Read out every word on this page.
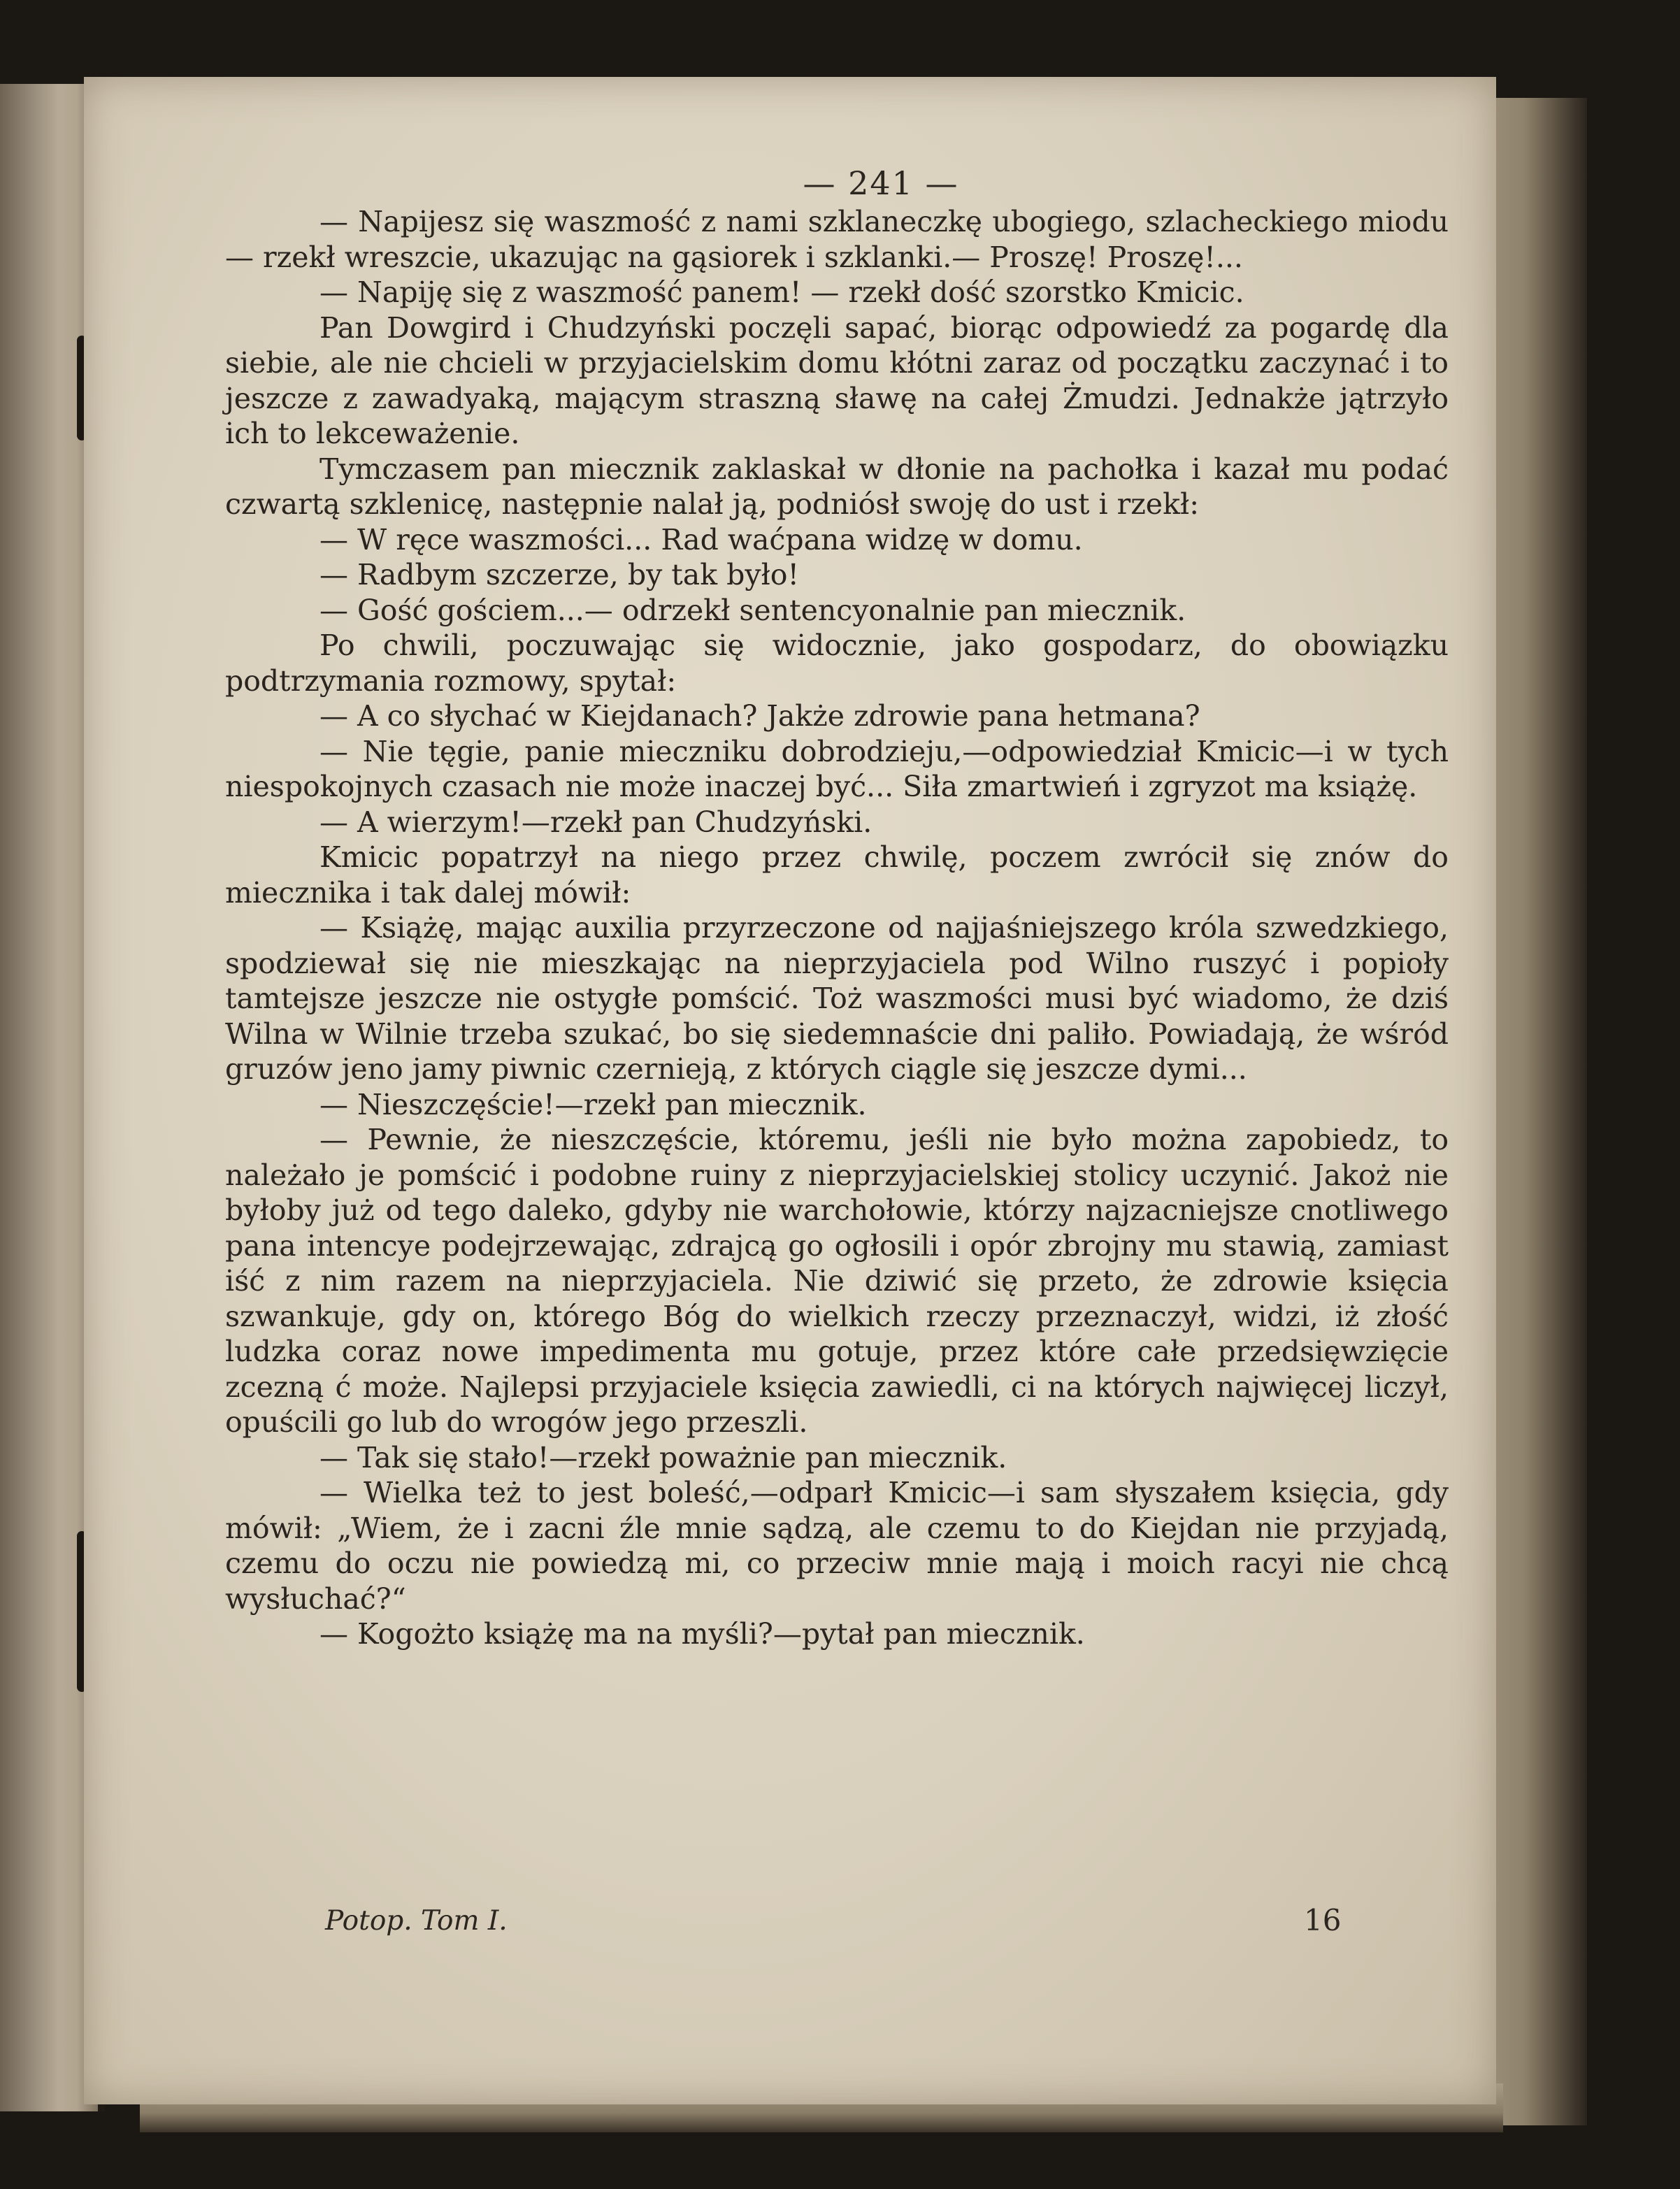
— 241 —

— Napijesz się waszmość z nami szklaneczkę ubogiego, szlacheckiego miodu — rzekł wreszcie, ukazując na gąsiorek i szklanki.— Proszę! Proszę!...

— Napiję się z waszmość panem! — rzekł dość szorstko Kmicic.

Pan Dowgird i Chudzyński poczęli sapać, biorąc odpowiedź za pogardę dla siebie, ale nie chcieli w przyjacielskim domu kłótni zaraz od początku zaczynać i to jeszcze z zawadyaką, mającym straszną sławę na całej Żmudzi. Jednakże jątrzyło ich to lekceważenie.

Tymczasem pan miecznik zaklaskał w dłonie na pachołka i kazał mu podać czwartą szklenicę, następnie nalał ją, podniósł swoję do ust i rzekł:

— W ręce waszmości... Rad waćpana widzę w domu.

— Radbym szczerze, by tak było!

— Gość gościem...— odrzekł sentencyonalnie pan miecznik.

Po chwili, poczuwając się widocznie, jako gospodarz, do obowiązku podtrzymania rozmowy, spytał:

— A co słychać w Kiejdanach? Jakże zdrowie pana hetmana?

— Nie tęgie, panie mieczniku dobrodzieju,—odpowiedział Kmicic—i w tych niespokojnych czasach nie może inaczej być... Siła zmartwień i zgryzot ma książę.

— A wierzym!—rzekł pan Chudzyński.

Kmicic popatrzył na niego przez chwilę, poczem zwrócił się znów do miecznika i tak dalej mówił:

— Książę, mając auxilia przyrzeczone od najjaśniejszego króla szwedzkiego, spodziewał się nie mieszkając na nieprzyjaciela pod Wilno ruszyć i popioły tamtejsze jeszcze nie ostygłe pomścić. Toż waszmości musi być wiadomo, że dziś Wilna w Wilnie trzeba szukać, bo się siedemnaście dni paliło. Powiadają, że wśród gruzów jeno jamy piwnic czernieją, z których ciągle się jeszcze dymi...

— Nieszczęście!—rzekł pan miecznik.

— Pewnie, że nieszczęście, któremu, jeśli nie było można zapobiedz, to należało je pomścić i podobne ruiny z nieprzyjacielskiej stolicy uczynić. Jakoż nie byłoby już od tego daleko, gdyby nie warchołowie, którzy najzacniejsze cnotliwego pana intencye podejrzewając, zdrajcą go ogłosili i opór zbrojny mu stawią, zamiast iść z nim razem na nieprzyjaciela. Nie dziwić się przeto, że zdrowie księcia szwankuje, gdy on, którego Bóg do wielkich rzeczy przeznaczył, widzi, iż złość ludzka coraz nowe impedimenta mu gotuje, przez które całe przedsięwzięcie zcezną ć może. Najlepsi przyjaciele księcia zawiedli, ci na których najwięcej liczył, opuścili go lub do wrogów jego przeszli.

— Tak się stało!—rzekł poważnie pan miecznik.

— Wielka też to jest boleść,—odparł Kmicic—i sam słyszałem księcia, gdy mówił: „Wiem, że i zacni źle mnie sądzą, ale czemu to do Kiejdan nie przyjadą, czemu do oczu nie powiedzą mi, co przeciw mnie mają i moich racyi nie chcą wysłuchać?“

— Kogożto książę ma na myśli?—pytał pan miecznik.

Potop. Tom I.	16
